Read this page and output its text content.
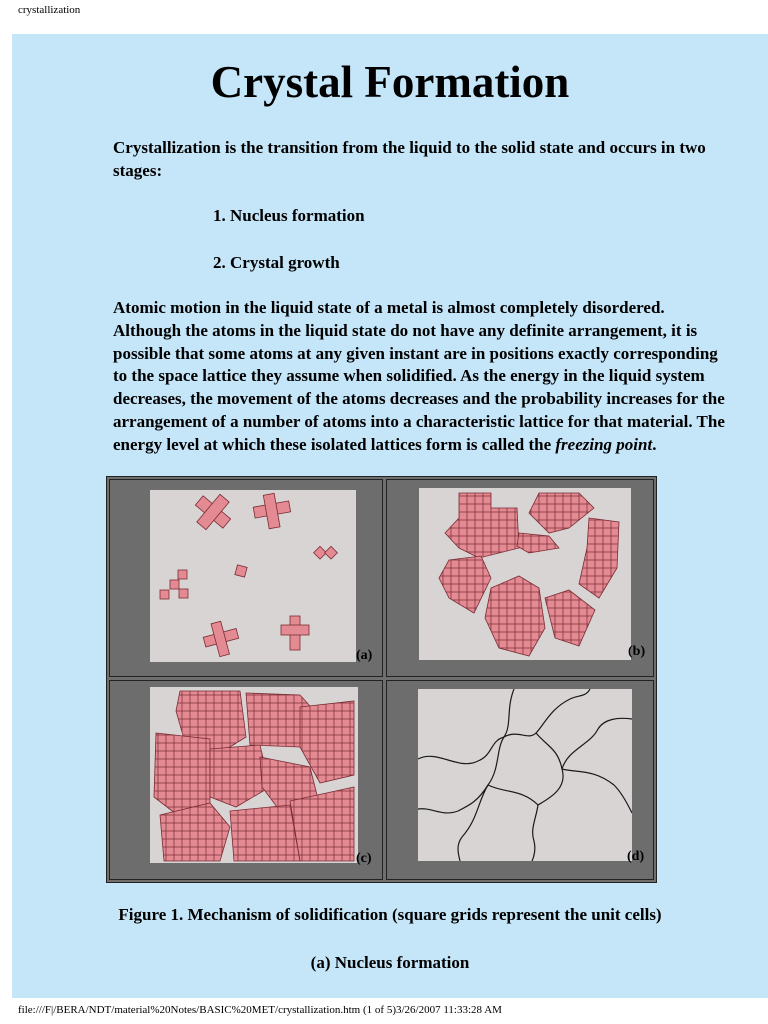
crystallization
Crystal Formation

Crystallization is the transition from the liquid to the solid state and occurs in two stages:

1. Nucleus formation

2. Crystal growth

Atomic motion in the liquid state of a metal is almost completely disordered. Although the atoms in the liquid state do not have any definite arrangement, it is possible that some atoms at any given instant are in positions exactly corresponding to the space lattice they assume when solidified. As the energy in the liquid system decreases, the movement of the atoms decreases and the probability increases for the arrangement of a number of atoms into a characteristic lattice for that material. The energy level at which these isolated lattices form is called the freezing point.

(a)	(b)
(c)	(d)

Figure 1. Mechanism of solidification (square grids represent the unit cells)

(a) Nucleus formation

file:///F|/BERA/NDT/material%20Notes/BASIC%20MET/crystallization.htm (1 of 5)3/26/2007 11:33:28 AM
